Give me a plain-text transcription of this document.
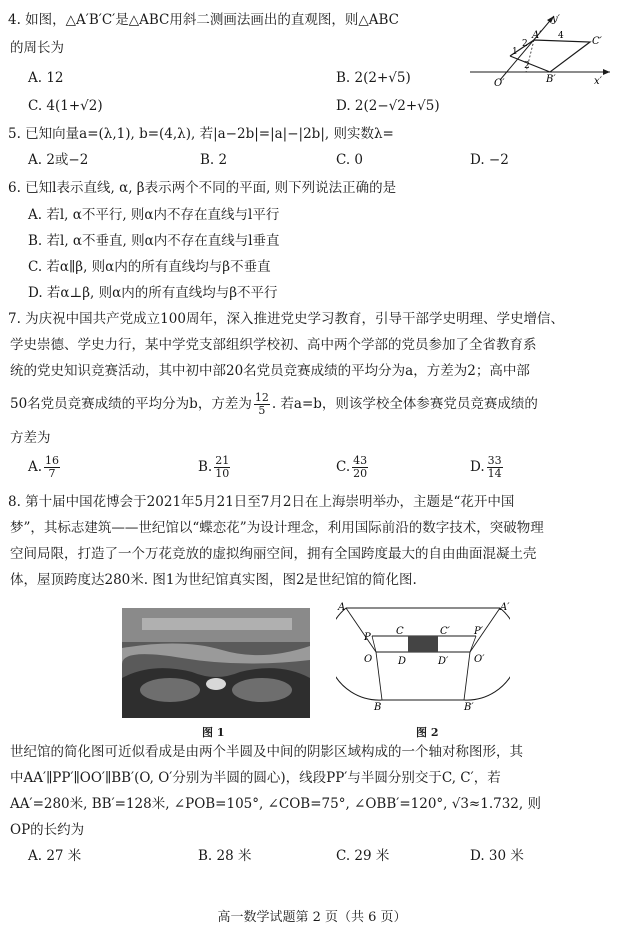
4. 如图，△A′B′C′是△ABC用斜二测画法画出的直观图，则△ABC
的周长为
A. 12	B. 2(2+√5)
C. 4(1+√2)	D. 2(2−√2+√5)
y′
x′
O′
A′
B′
C′
1
2
2
4
5. 已知向量a=(λ,1), b=(4,λ), 若|a−2b|=|a|−|2b|, 则实数λ=
A. 2或−2	B. 2	C. 0	D. −2
6. 已知l表示直线, α, β表示两个不同的平面, 则下列说法正确的是
A. 若l, α不平行, 则α内不存在直线与l平行
B. 若l, α不垂直, 则α内不存在直线与l垂直
C. 若α∥β, 则α内的所有直线均与β不垂直
D. 若α⊥β, 则α内的所有直线均与β不平行
7. 为庆祝中国共产党成立100周年，深入推进党史学习教育，引导干部学史明理、学史增信、
学史崇德、学史力行，某中学党支部组织学校初、高中两个学部的党员参加了全省教育系
统的党史知识竞赛活动，其中初中部20名党员竞赛成绩的平均分为a，方差为2；高中部
50名党员竞赛成绩的平均分为b，方差为 $\frac{12}{5}$ . 若a=b，则该学校全体参赛党员竞赛成绩的
方差为
A. $\frac{16}{7}$	B. $\frac{21}{10}$	C. $\frac{43}{20}$	D. $\frac{33}{14}$
8. 第十届中国花博会于2021年5月21日至7月2日在上海崇明举办，主题是“花开中国
梦”，其标志建筑——世纪馆以“蝶恋花”为设计理念，利用国际前沿的数字技术，突破物理
空间局限，打造了一个万花竞放的虚拟绚丽空间，拥有全国跨度最大的自由曲面混凝土壳
体，屋顶跨度达280米. 图1为世纪馆真实图，图2是世纪馆的简化图.
图 1
A	A′
P
C	C′ P′
O	D	D′	O′
B	B′
图 2
世纪馆的简化图可近似看成是由两个半圆及中间的阴影区域构成的一个轴对称图形，其
中AA′∥PP′∥OO′∥BB′(O, O′分别为半圆的圆心)，线段PP′与半圆分别交于C, C′，若
AA′=280米, BB′=128米, ∠POB=105°, ∠COB=75°, ∠OBB′=120°, √3≈1.732, 则
OP的长约为
A. 27 米	B. 28 米	C. 29 米	D. 30 米
高一数学试题第 2 页（共 6 页）
